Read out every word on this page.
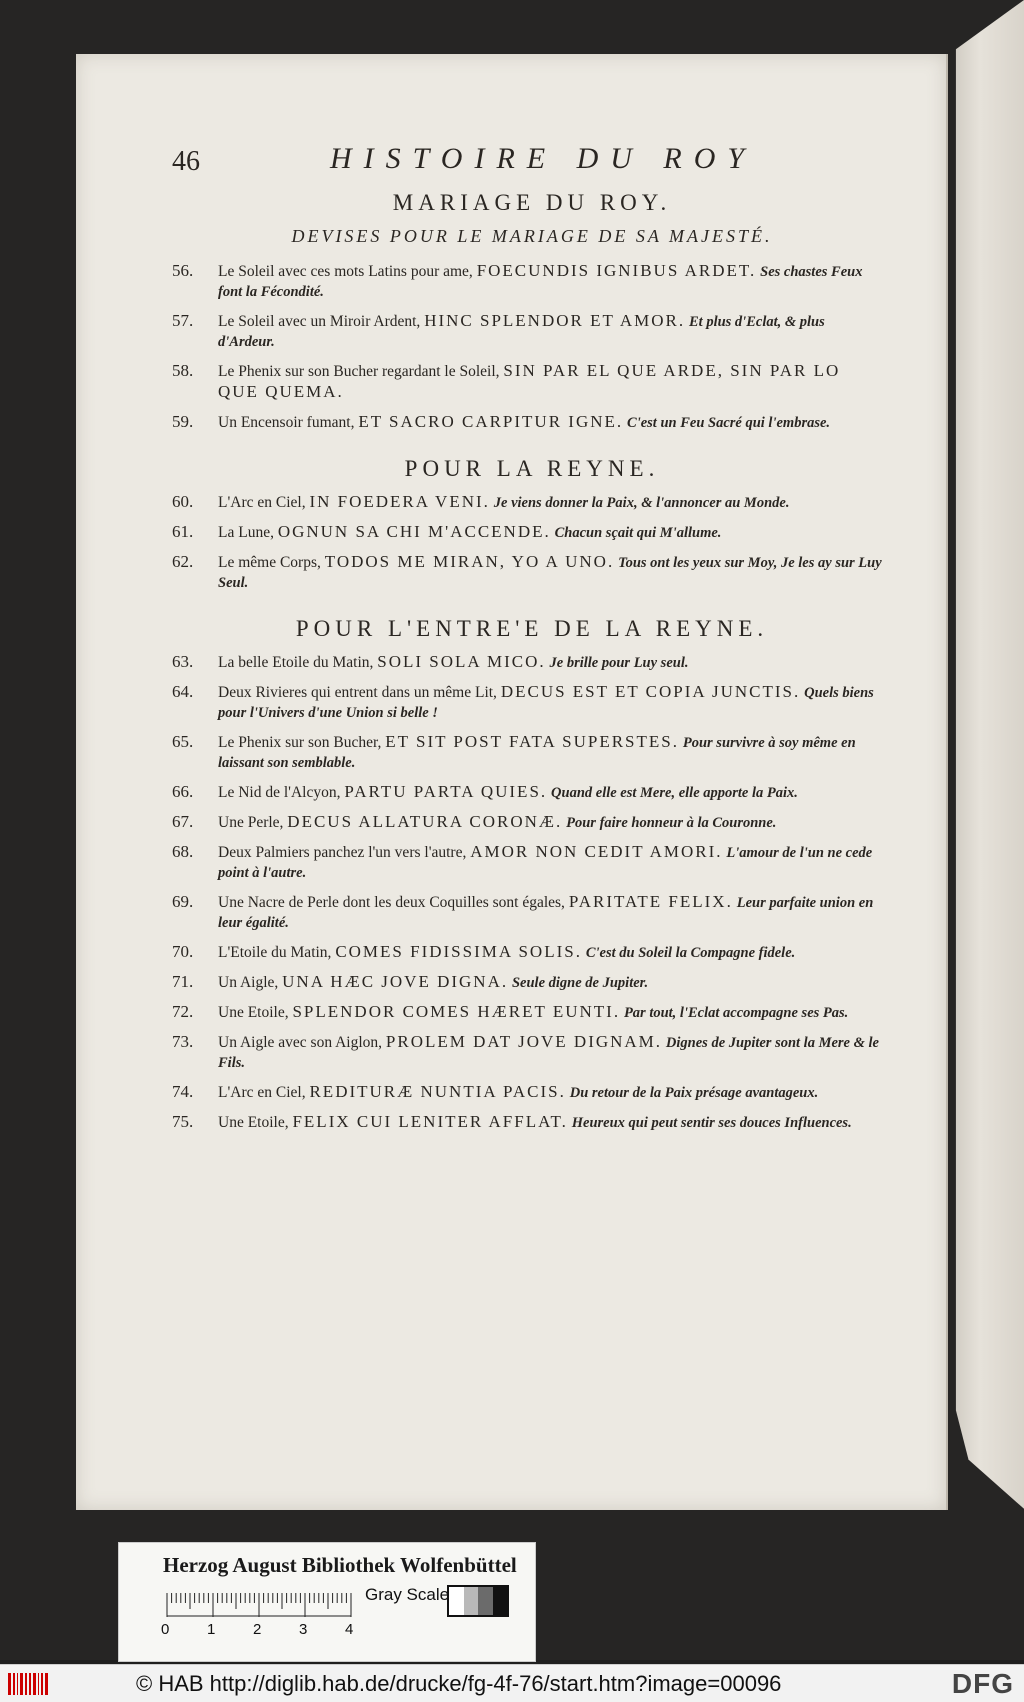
46	HISTOIRE DU ROY
MARIAGE DU ROY.
DEVISES POUR LE MARIAGE DE SA MAJESTÉ.
56. Le Soleil avec ces mots Latins pour ame, FOECUNDIS IGNIBUS ARDET. Ses chastes Feux font la Fécondité.
57. Le Soleil avec un Miroir Ardent, HINC SPLENDOR ET AMOR. Et plus d'Eclat, & plus d'Ardeur.
58. Le Phenix sur son Bucher regardant le Soleil, SIN PAR EL QUE ARDE, SIN PAR LO QUE QUEMA.
59. Un Encensoir fumant, ET SACRO CARPITUR IGNE. C'est un Feu Sacré qui l'embrase.
POUR LA REYNE.
60. L'Arc en Ciel, IN FOEDERA VENI. Je viens donner la Paix, & l'annoncer au Monde.
61. La Lune, OGNUN SA CHI M'ACCENDE. Chacun sçait qui M'allume.
62. Le même Corps, TODOS ME MIRAN, YO A UNO. Tous ont les yeux sur Moy, Je les ay sur Luy Seul.
POUR L'ENTRE'E DE LA REYNE.
63. La belle Etoile du Matin, SOLI SOLA MICO. Je brille pour Luy seul.
64. Deux Rivieres qui entrent dans un même Lit, DECUS EST ET COPIA JUNCTIS. Quels biens pour l'Univers d'une Union si belle !
65. Le Phenix sur son Bucher, ET SIT POST FATA SUPERSTES. Pour survivre à soy même en laissant son semblable.
66. Le Nid de l'Alcyon, PARTU PARTA QUIES. Quand elle est Mere, elle apporte la Paix.
67. Une Perle, DECUS ALLATURA CORONÆ. Pour faire honneur à la Couronne.
68. Deux Palmiers panchez l'un vers l'autre, AMOR NON CEDIT AMORI. L'amour de l'un ne cede point à l'autre.
69. Une Nacre de Perle dont les deux Coquilles sont égales, PARITATE FELIX. Leur parfaite union en leur égalité.
70. L'Etoile du Matin, COMES FIDISSIMA SOLIS. C'est du Soleil la Compagne fidele.
71. Un Aigle, UNA HÆC JOVE DIGNA. Seule digne de Jupiter.
72. Une Etoile, SPLENDOR COMES HÆRET EUNTI. Par tout, l'Eclat accompagne ses Pas.
73. Un Aigle avec son Aiglon, PROLEM DAT JOVE DIGNAM. Dignes de Jupiter sont la Mere & le Fils.
74. L'Arc en Ciel, REDITURÆ NUNTIA PACIS. Du retour de la Paix présage avantageux.
75. Une Etoile, FELIX CUI LENITER AFFLAT. Heureux qui peut sentir ses douces Influences.
Herzog August Bibliothek Wolfenbüttel
0	1	2	3	4
Gray Scale
© HAB http://diglib.hab.de/drucke/fg-4f-76/start.htm?image=00096	DFG
